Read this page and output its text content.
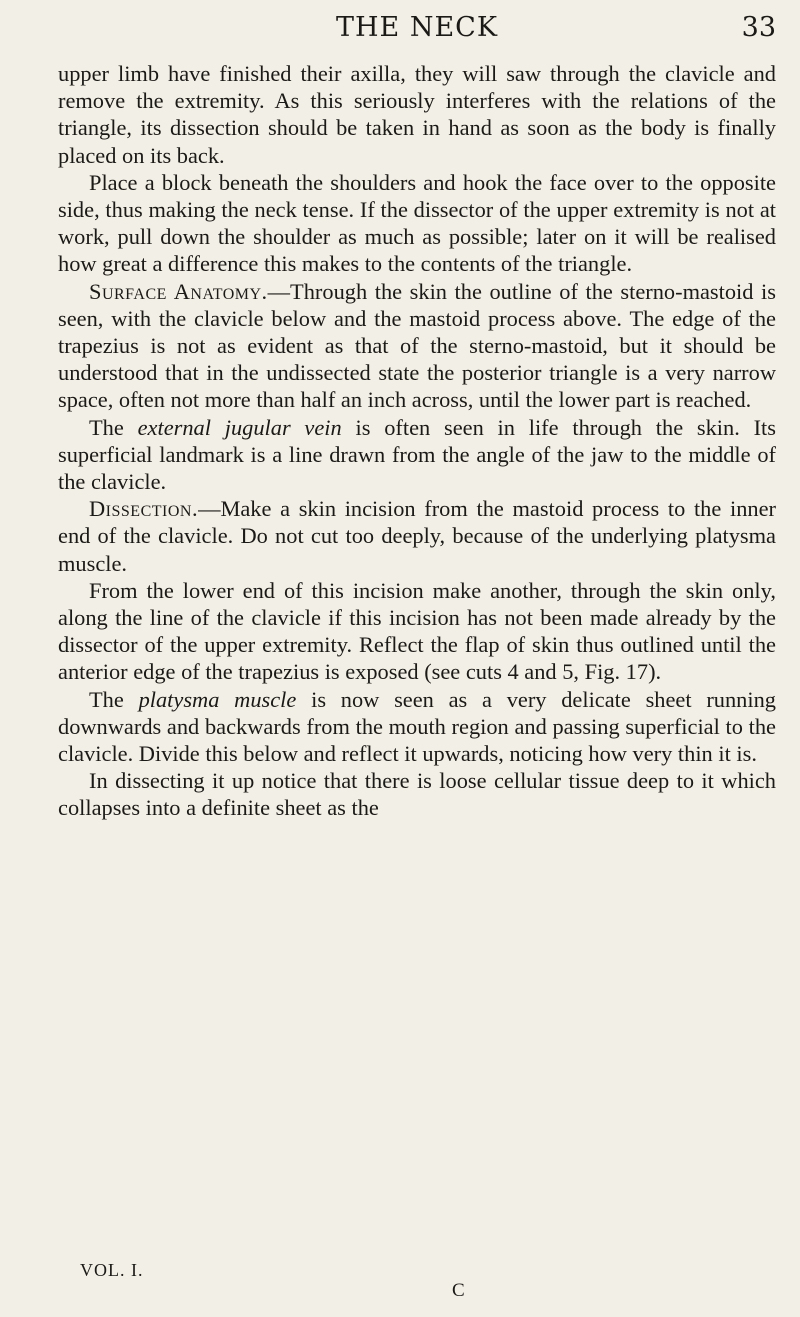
THE NECK	33

upper limb have finished their axilla, they will saw through the clavicle and remove the extremity. As this seriously interferes with the relations of the triangle, its dissection should be taken in hand as soon as the body is finally placed on its back.

Place a block beneath the shoulders and hook the face over to the opposite side, thus making the neck tense. If the dissector of the upper extremity is not at work, pull down the shoulder as much as possible; later on it will be realised how great a difference this makes to the contents of the triangle.

Surface Anatomy.—Through the skin the outline of the sterno-mastoid is seen, with the clavicle below and the mastoid process above. The edge of the trapezius is not as evident as that of the sterno-mastoid, but it should be understood that in the undissected state the posterior triangle is a very narrow space, often not more than half an inch across, until the lower part is reached.

The external jugular vein is often seen in life through the skin. Its superficial landmark is a line drawn from the angle of the jaw to the middle of the clavicle.

Dissection.—Make a skin incision from the mastoid process to the inner end of the clavicle. Do not cut too deeply, because of the underlying platysma muscle.

From the lower end of this incision make another, through the skin only, along the line of the clavicle if this incision has not been made already by the dissector of the upper extremity. Reflect the flap of skin thus outlined until the anterior edge of the trapezius is exposed (see cuts 4 and 5, Fig. 17).

The platysma muscle is now seen as a very delicate sheet running downwards and backwards from the mouth region and passing superficial to the clavicle. Divide this below and reflect it upwards, noticing how very thin it is.

In dissecting it up notice that there is loose cellular tissue deep to it which collapses into a definite sheet as the

VOL. I.
C
